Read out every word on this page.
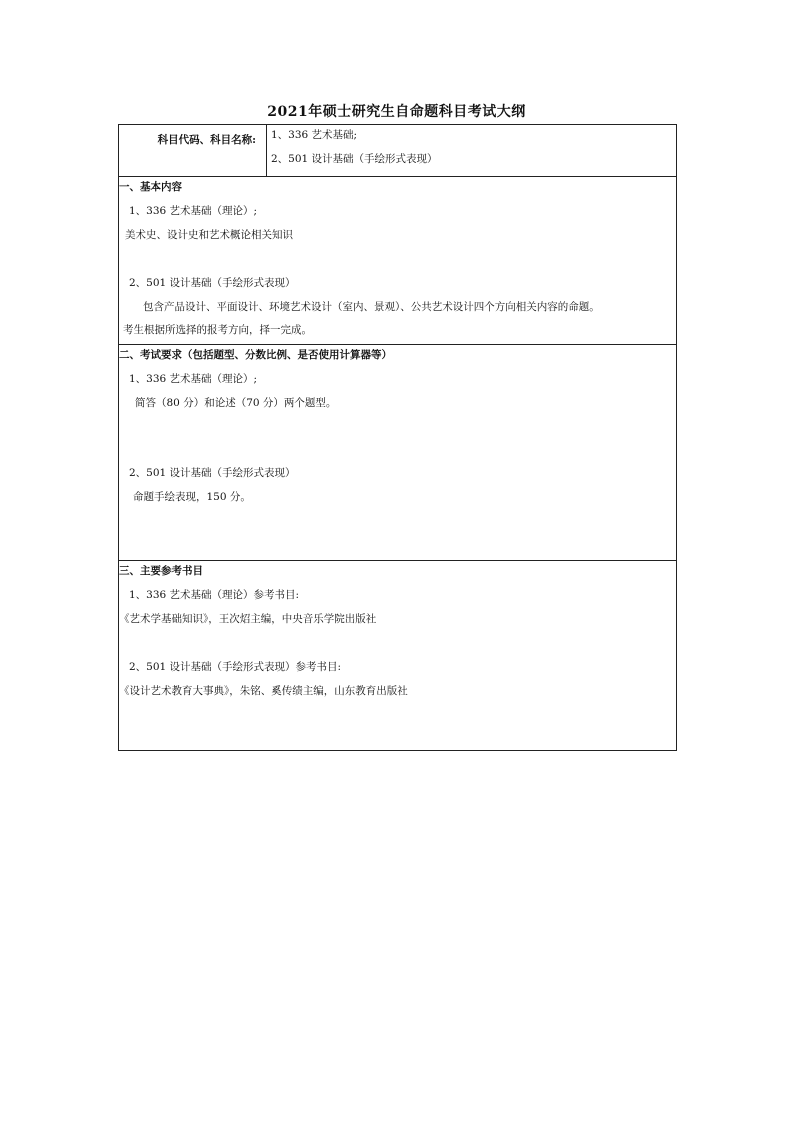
2021年硕士研究生自命题科目考试大纲
科目代码、科目名称:	1、336 艺术基础;
2、501 设计基础（手绘形式表现）
一、基本内容
1、336 艺术基础（理论）;
美术史、设计史和艺术概论相关知识
2、501 设计基础（手绘形式表现）
包含产品设计、平面设计、环境艺术设计（室内、景观）、公共艺术设计四个方向相关内容的命题。
考生根据所选择的报考方向，择一完成。
二、考试要求（包括题型、分数比例、是否使用计算器等）
1、336 艺术基础（理论）;
简答（80 分）和论述（70 分）两个题型。
2、501 设计基础（手绘形式表现）
命题手绘表现，150 分。
三、主要参考书目
1、336 艺术基础（理论）参考书目:
《艺术学基础知识》，王次炤主编，中央音乐学院出版社
2、501 设计基础（手绘形式表现）参考书目:
《设计艺术教育大事典》，朱铭、奚传绩主编，山东教育出版社
